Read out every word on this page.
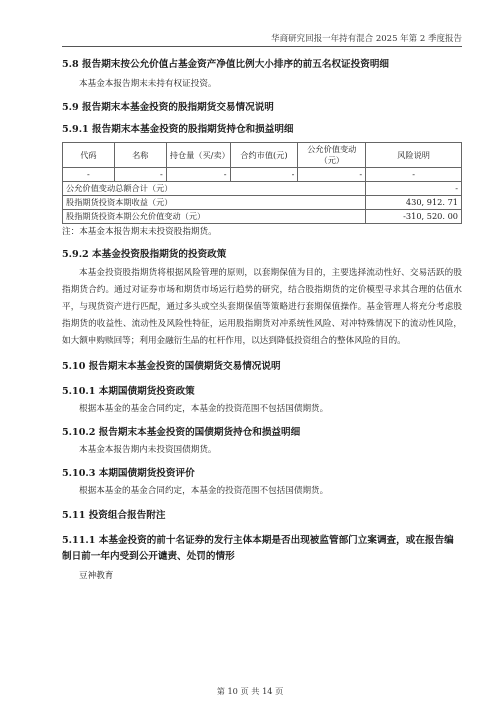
华商研究回报一年持有混合 2025 年第 2 季度报告

5.8 报告期末按公允价值占基金资产净值比例大小排序的前五名权证投资明细

本基金本报告期末未持有权证投资。

5.9 报告期末本基金投资的股指期货交易情况说明

5.9.1 报告期末本基金投资的股指期货持仓和损益明细

代码	名称	持仓量（买/卖）	合约市值(元)	公允价值变动（元）	风险说明
-	-	-	-	-	-
公允价值变动总额合计（元）					-
股指期货投资本期收益（元）					430, 912. 71
股指期货投资本期公允价值变动（元）					-310, 520. 00

注：本基金本报告期末未投资股指期货。

5.9.2 本基金投资股指期货的投资政策

本基金投资股指期货将根据风险管理的原则，以套期保值为目的，主要选择流动性好、交易活跃的股指期货合约。通过对证券市场和期货市场运行趋势的研究，结合股指期货的定价模型寻求其合理的估值水平，与现货资产进行匹配，通过多头或空头套期保值等策略进行套期保值操作。基金管理人将充分考虑股指期货的收益性、流动性及风险性特征，运用股指期货对冲系统性风险、对冲特殊情况下的流动性风险，如大额申购赎回等；利用金融衍生品的杠杆作用，以达到降低投资组合的整体风险的目的。

5.10 报告期末本基金投资的国债期货交易情况说明

5.10.1 本期国债期货投资政策

根据本基金的基金合同约定，本基金的投资范围不包括国债期货。

5.10.2 报告期末本基金投资的国债期货持仓和损益明细

本基金本报告期内未投资国债期货。

5.10.3 本期国债期货投资评价

根据本基金的基金合同约定，本基金的投资范围不包括国债期货。

5.11 投资组合报告附注

5.11.1 本基金投资的前十名证券的发行主体本期是否出现被监管部门立案调查，或在报告编制日前一年内受到公开谴责、处罚的情形

豆神教育

第 10 页 共 14 页
